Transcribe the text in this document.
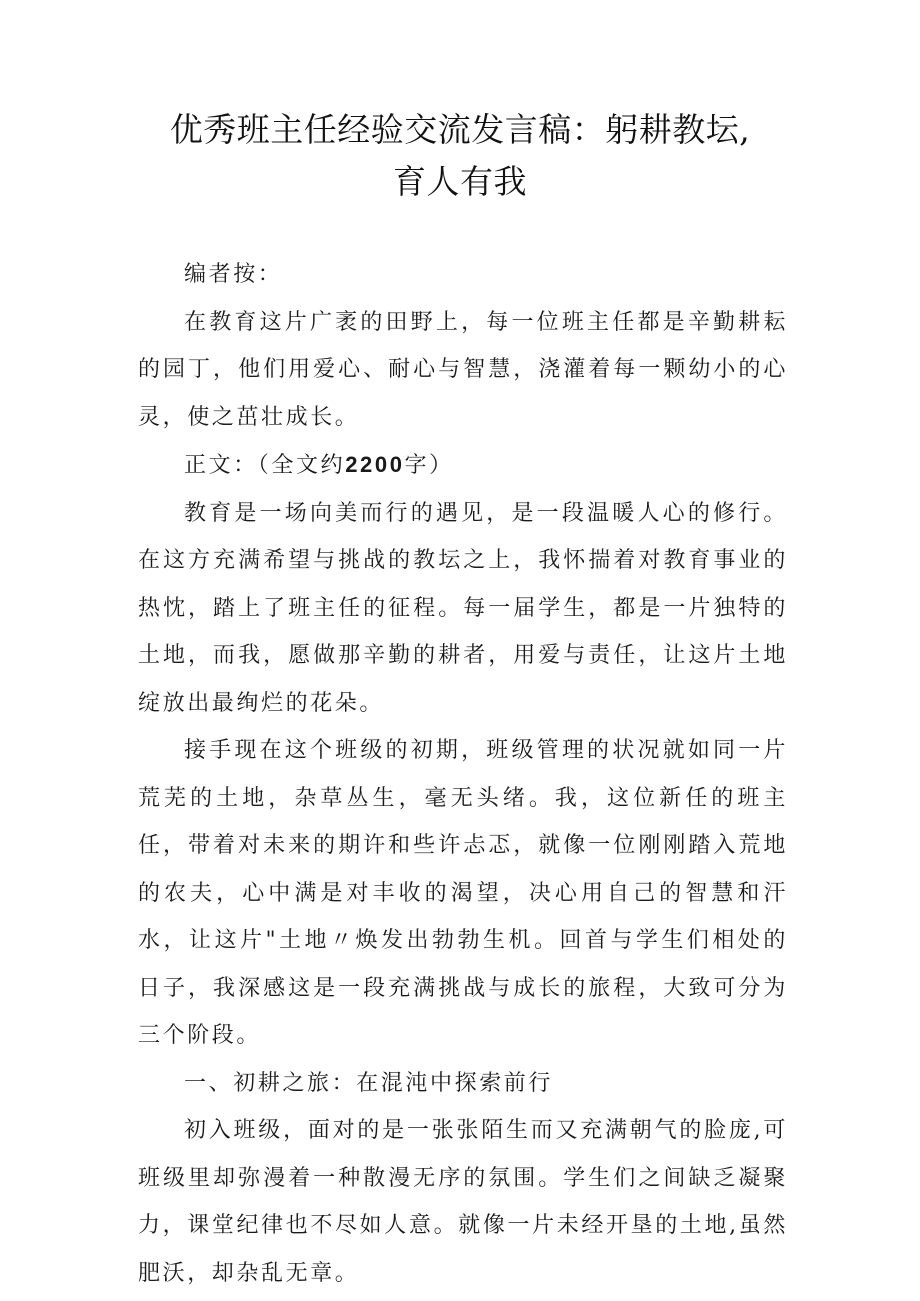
优秀班主任经验交流发言稿：躬耕教坛,
育人有我

编者按：

在教育这片广袤的田野上，每一位班主任都是辛勤耕耘的园丁，他们用爱心、耐心与智慧，浇灌着每一颗幼小的心灵，使之茁壮成长。

正文：（全文约2200字）

教育是一场向美而行的遇见，是一段温暖人心的修行。在这方充满希望与挑战的教坛之上，我怀揣着对教育事业的热忱，踏上了班主任的征程。每一届学生，都是一片独特的土地，而我，愿做那辛勤的耕者，用爱与责任，让这片土地绽放出最绚烂的花朵。

接手现在这个班级的初期，班级管理的状况就如同一片荒芜的土地，杂草丛生，毫无头绪。我，这位新任的班主任，带着对未来的期许和些许忐忑，就像一位刚刚踏入荒地的农夫，心中满是对丰收的渴望，决心用自己的智慧和汗水，让这片"土地〃焕发出勃勃生机。回首与学生们相处的日子，我深感这是一段充满挑战与成长的旅程，大致可分为三个阶段。

一、初耕之旅：在混沌中探索前行

初入班级，面对的是一张张陌生而又充满朝气的脸庞,可班级里却弥漫着一种散漫无序的氛围。学生们之间缺乏凝聚力，课堂纪律也不尽如人意。就像一片未经开垦的土地,虽然肥沃，却杂乱无章。
